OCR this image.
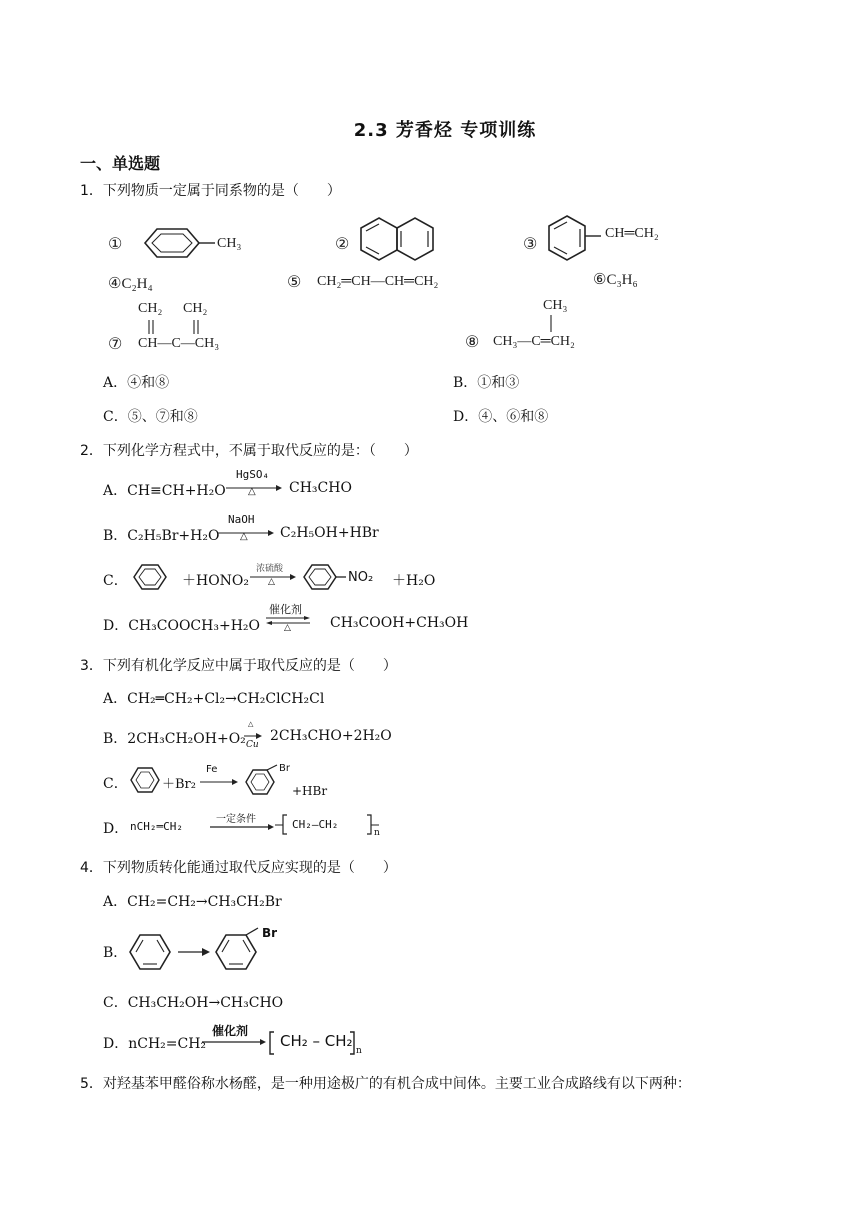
2.3 芳香烃 专项训练
一、单选题
1．下列物质一定属于同系物的是（　　）
①	CH₃	②	③
CH═CH₂
④C₂H₄	⑤ CH₂═CH—CH═CH₂	⑥C₃H₆
CH₂ CH₂
⑦ CH—C—CH₃
CH₃
⑧ CH₃—C═CH₂
A．④和⑧	B．①和③
C．⑤、⑦和⑧	D．④、⑥和⑧
2．下列化学方程式中，不属于取代反应的是：（　　）
A．CH≡CH+H₂O
HgSO₄
△ CH₃CHO
B．C₂H₅Br+H₂O
NaOH
△ C₂H₅OH+HBr
C．	＋HONO₂
浓硫酸
△	NO₂ ＋H₂O
D．CH₃COOCH₃+H₂O
催化剂
△	CH₃COOH+CH₃OH
3．下列有机化学反应中属于取代反应的是（　　）
A．CH₂═CH₂+Cl₂→CH₂ClCH₂Cl
B．2CH₃CH₂OH+O₂
△
Cu
2CH₃CHO+2H₂O
C．	＋Br₂
Fe	Br
+HBr
D． nCH₂═CH₂
一定条件	CH₂—CH₂
n
4．下列物质转化能通过取代反应实现的是（　　）
A．CH₂=CH₂→CH₃CH₂Br
B．
Br
C．CH₃CH₂OH→CH₃CHO
D．nCH₂=CH₂
催化剂
CH₂ – CH₂
n
5．对羟基苯甲醛俗称水杨醛，是一种用途极广的有机合成中间体。主要工业合成路线有以下两种：
